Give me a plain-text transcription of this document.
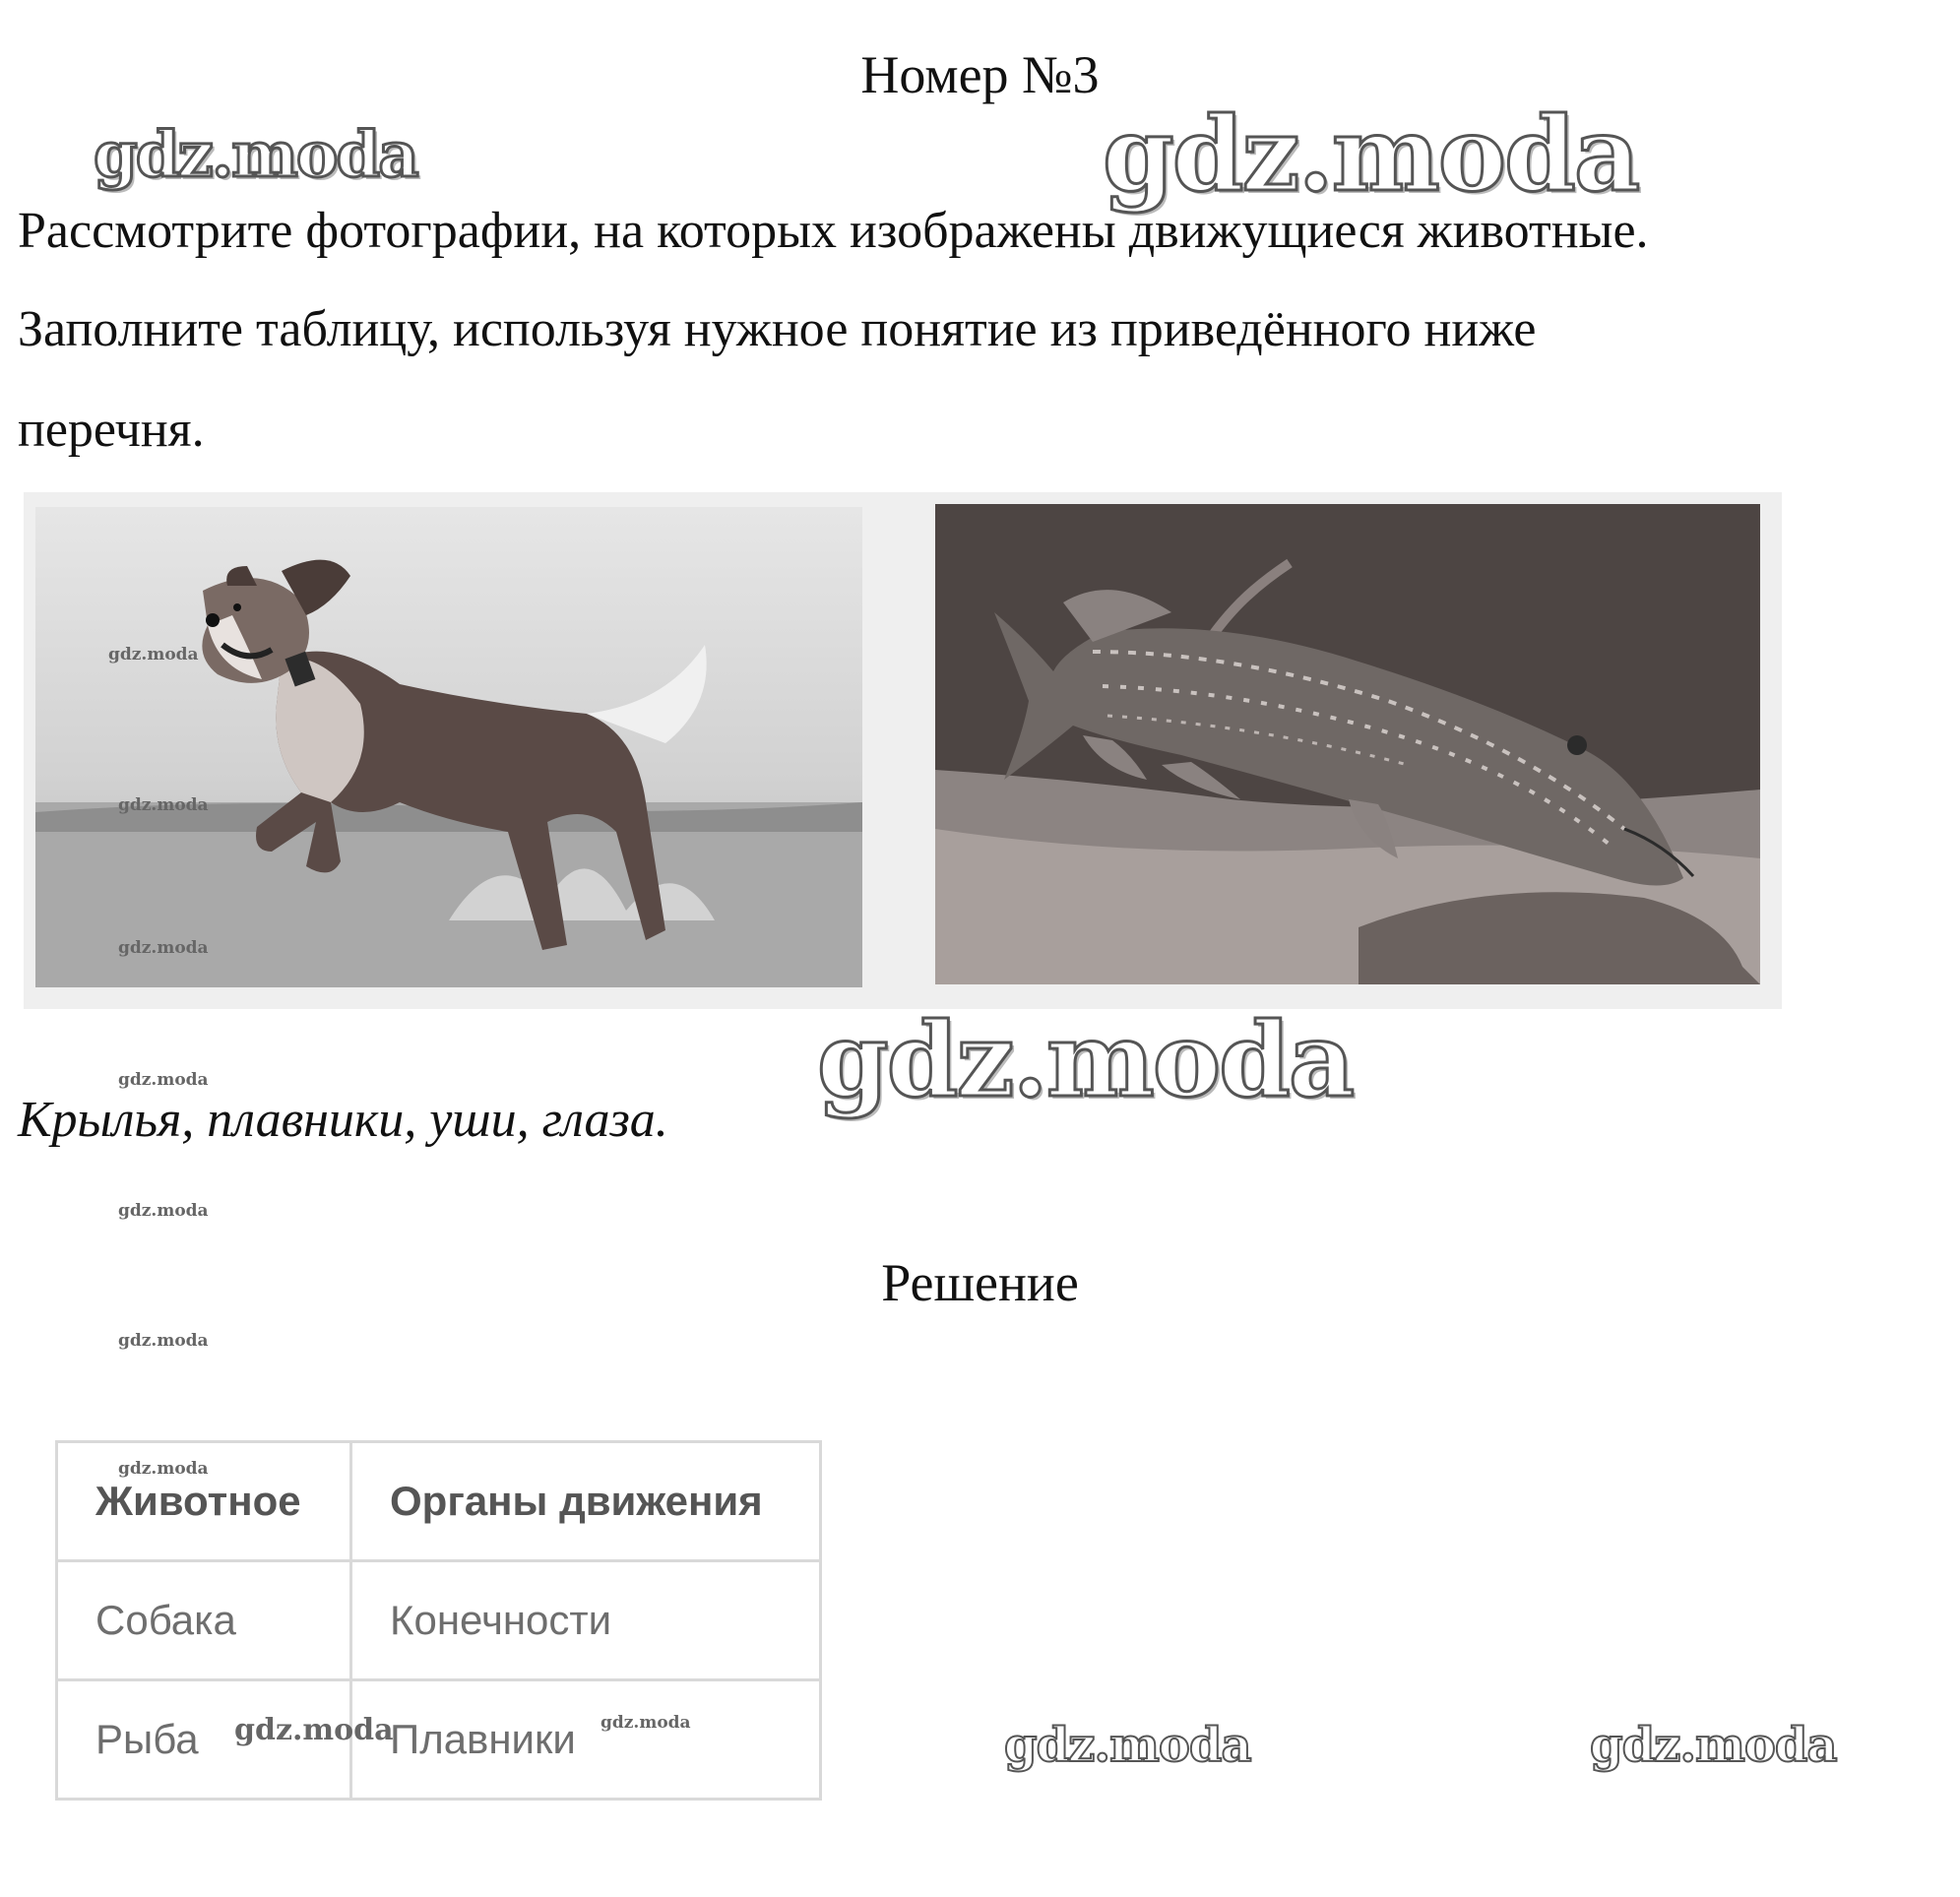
Номер №3
gdz.moda	gdz.moda
Рассмотрите фотографии, на которых изображены движущиеся животные.
Заполните таблицу, используя нужное понятие из приведённого ниже
перечня.
gdz.moda
gdz.moda
gdz.moda
gdz.moda
gdz.moda
gdz.moda
gdz.moda
gdz.moda
Крылья, плавники, уши, глаза.
Решение
Животное	Органы движения
Собака	Конечности
Рыба	Плавники
gdz.moda	gdz.moda	gdz.moda	gdz.moda
